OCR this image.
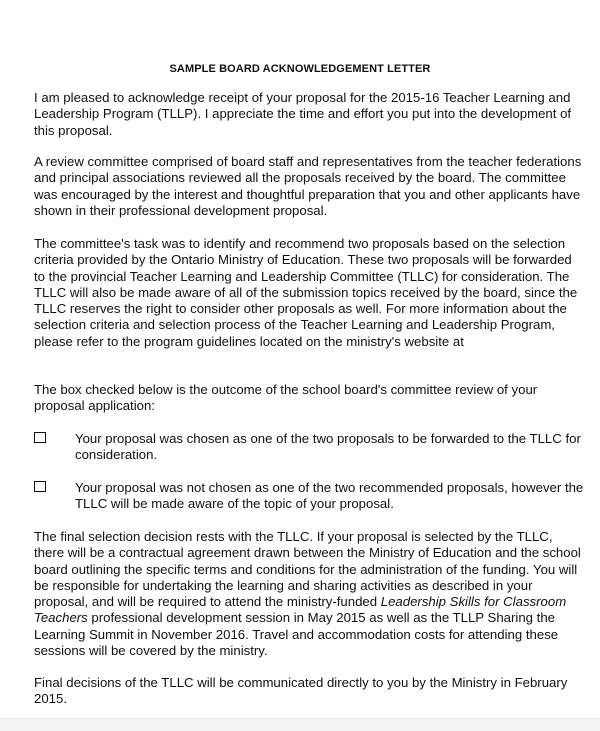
SAMPLE BOARD ACKNOWLEDGEMENT LETTER

I am pleased to acknowledge receipt of your proposal for the 2015-16 Teacher Learning and Leadership Program (TLLP). I appreciate the time and effort you put into the development of this proposal.

A review committee comprised of board staff and representatives from the teacher federations and principal associations reviewed all the proposals received by the board. The committee was encouraged by the interest and thoughtful preparation that you and other applicants have shown in their professional development proposal.

The committee's task was to identify and recommend two proposals based on the selection criteria provided by the Ontario Ministry of Education. These two proposals will be forwarded to the provincial Teacher Learning and Leadership Committee (TLLC) for consideration. The TLLC will also be made aware of all of the submission topics received by the board, since the TLLC reserves the right to consider other proposals as well. For more information about the selection criteria and selection process of the Teacher Learning and Leadership Program, please refer to the program guidelines located on the ministry's website at

The box checked below is the outcome of the school board's committee review of your proposal application:

Your proposal was chosen as one of the two proposals to be forwarded to the TLLC for consideration.

Your proposal was not chosen as one of the two recommended proposals, however the TLLC will be made aware of the topic of your proposal.

The final selection decision rests with the TLLC. If your proposal is selected by the TLLC, there will be a contractual agreement drawn between the Ministry of Education and the school board outlining the specific terms and conditions for the administration of the funding. You will be responsible for undertaking the learning and sharing activities as described in your proposal, and will be required to attend the ministry-funded Leadership Skills for Classroom Teachers professional development session in May 2015 as well as the TLLP Sharing the Learning Summit in November 2016. Travel and accommodation costs for attending these sessions will be covered by the ministry.

Final decisions of the TLLC will be communicated directly to you by the Ministry in February 2015.
